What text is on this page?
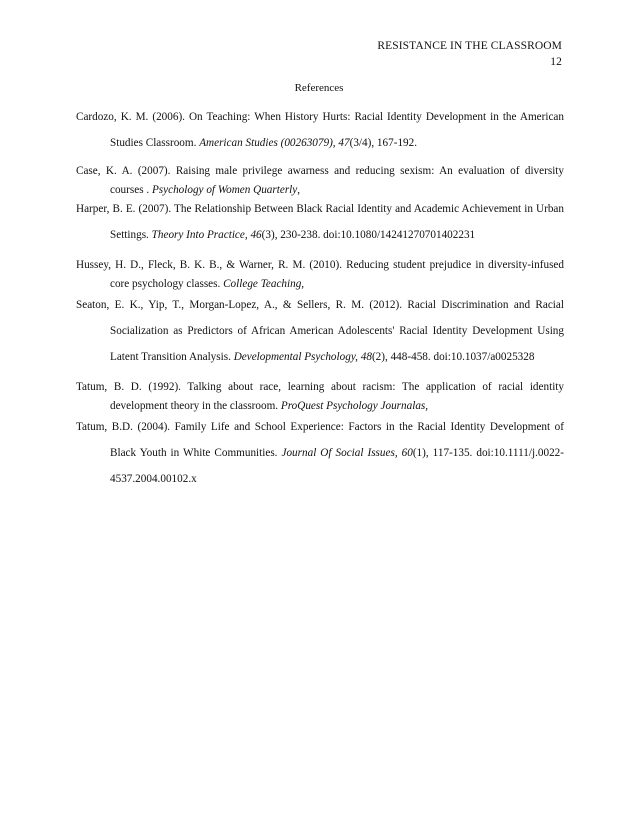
RESISTANCE IN THE CLASSROOM
12
References

Cardozo, K. M. (2006). On Teaching: When History Hurts: Racial Identity Development in the American Studies Classroom. American Studies (00263079), 47(3/4), 167-192.

Case, K. A. (2007). Raising male privilege awarness and reducing sexism: An evaluation of diversity courses . Psychology of Women Quarterly,

Harper, B. E. (2007). The Relationship Between Black Racial Identity and Academic Achievement in Urban Settings. Theory Into Practice, 46(3), 230-238. doi:10.1080/14241270701402231

Hussey, H. D., Fleck, B. K. B., & Warner, R. M. (2010). Reducing student prejudice in diversity-infused core psychology classes. College Teaching,

Seaton, E. K., Yip, T., Morgan-Lopez, A., & Sellers, R. M. (2012). Racial Discrimination and Racial Socialization as Predictors of African American Adolescents' Racial Identity Development Using Latent Transition Analysis. Developmental Psychology, 48(2), 448-458. doi:10.1037/a0025328

Tatum, B. D. (1992). Talking about race, learning about racism: The application of racial identity development theory in the classroom. ProQuest Psychology Journalas,

Tatum, B.D. (2004). Family Life and School Experience: Factors in the Racial Identity Development of Black Youth in White Communities. Journal Of Social Issues, 60(1), 117-135. doi:10.1111/j.0022-4537.2004.00102.x
